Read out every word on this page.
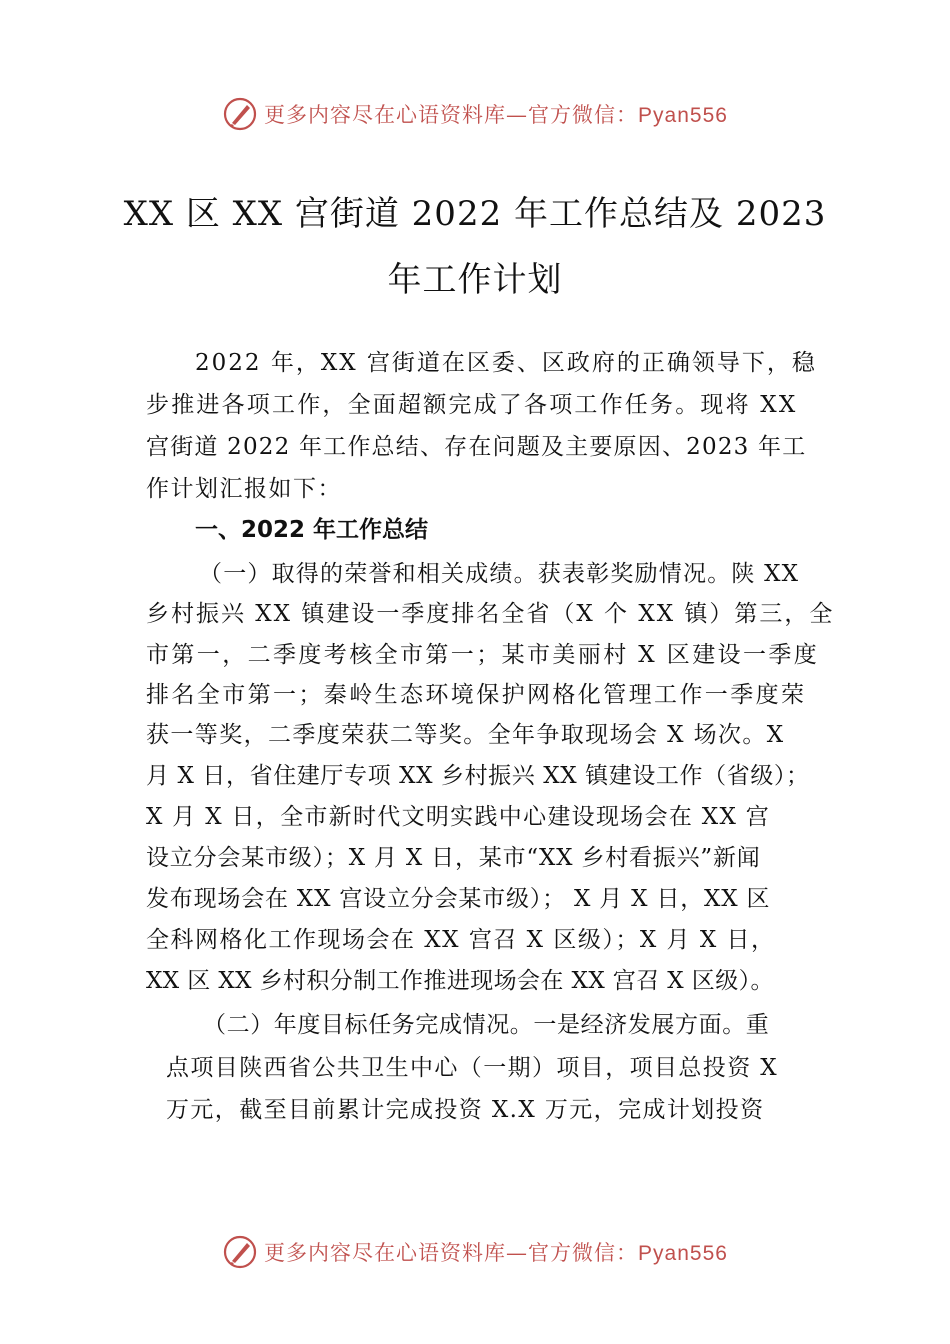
更多内容尽在心语资料库—官方微信：Pyan556
XX 区 XX 宫街道 2022 年工作总结及 2023
年工作计划
2022 年，XX 宫街道在区委、区政府的正确领导下，稳
步推进各项工作，全面超额完成了各项工作任务。现将 XX
宫街道 2022 年工作总结、存在问题及主要原因、2023 年工
作计划汇报如下：
一、2022 年工作总结
（一）取得的荣誉和相关成绩。获表彰奖励情况。陕 XX
乡村振兴 XX 镇建设一季度排名全省（X 个 XX 镇）第三，全
市第一，二季度考核全市第一；某市美丽村 X 区建设一季度
排名全市第一；秦岭生态环境保护网格化管理工作一季度荣
获一等奖，二季度荣获二等奖。全年争取现场会 X 场次。X
月 X 日，省住建厅专项 XX 乡村振兴 XX 镇建设工作（省级）；
X 月 X 日，全市新时代文明实践中心建设现场会在 XX 宫
设立分会某市级）；X 月 X 日，某市“XX 乡村看振兴”新闻
发布现场会在 XX 宫设立分会某市级）； X 月 X 日，XX 区
全科网格化工作现场会在 XX 宫召 X 区级）；X 月 X 日，
XX 区 XX 乡村积分制工作推进现场会在 XX 宫召 X 区级）。
（二）年度目标任务完成情况。一是经济发展方面。重
点项目陕西省公共卫生中心（一期）项目，项目总投资 X
万元，截至目前累计完成投资 X.X 万元，完成计划投资
更多内容尽在心语资料库—官方微信：Pyan556
